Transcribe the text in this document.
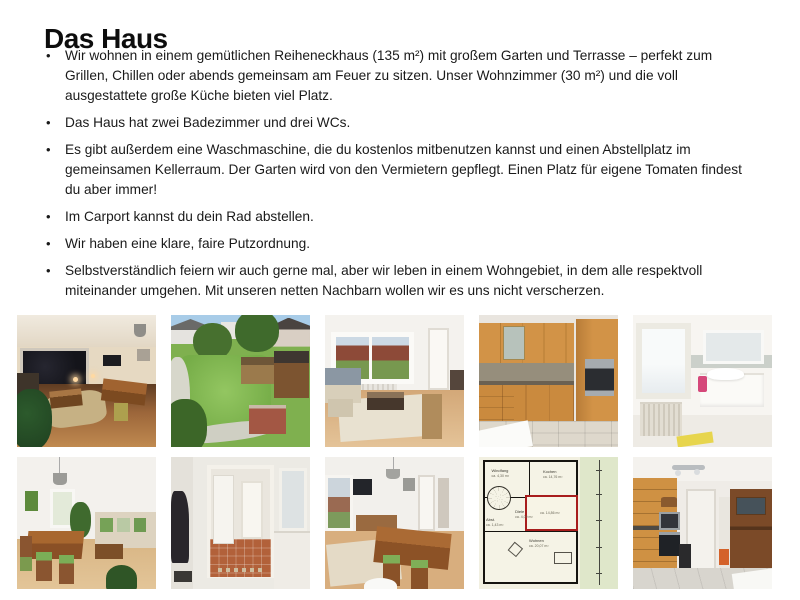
Das Haus
• Wir wohnen in einem gemütlichen Reiheneckhaus (135 m²) mit großem Garten und Terrasse – perfekt zum Grillen, Chillen oder abends gemeinsam am Feuer zu sitzen. Unser Wohnzimmer (30 m²) und die voll ausgestattete große Küche bieten viel Platz.
• Das Haus hat zwei Badezimmer und drei WCs.
• Es gibt außerdem eine Waschmaschine, die du kostenlos mitbenutzen kannst und einen Abstellplatz im gemeinsamen Kellerraum. Der Garten wird von den Vermietern gepflegt. Einen Platz für eigene Tomaten findest du aber immer!
• Im Carport kannst du dein Rad abstellen.
• Wir haben eine klare, faire Putzordnung.
• Selbstverständlich feiern wir auch gerne mal, aber wir leben in einem Wohngebiet, in dem alle respektvoll miteinander umgehen. Mit unseren netten Nachbarn wollen wir es uns nicht verscherzen.
Windfang
ca. 4,30 m²
Kochen
ca. 14,76 m²
Diele
ca. 4,09 m²
ca. 14,86 m²
Abst.
ca. 1,43 m²
Wohnen
ca. 20,07 m²
